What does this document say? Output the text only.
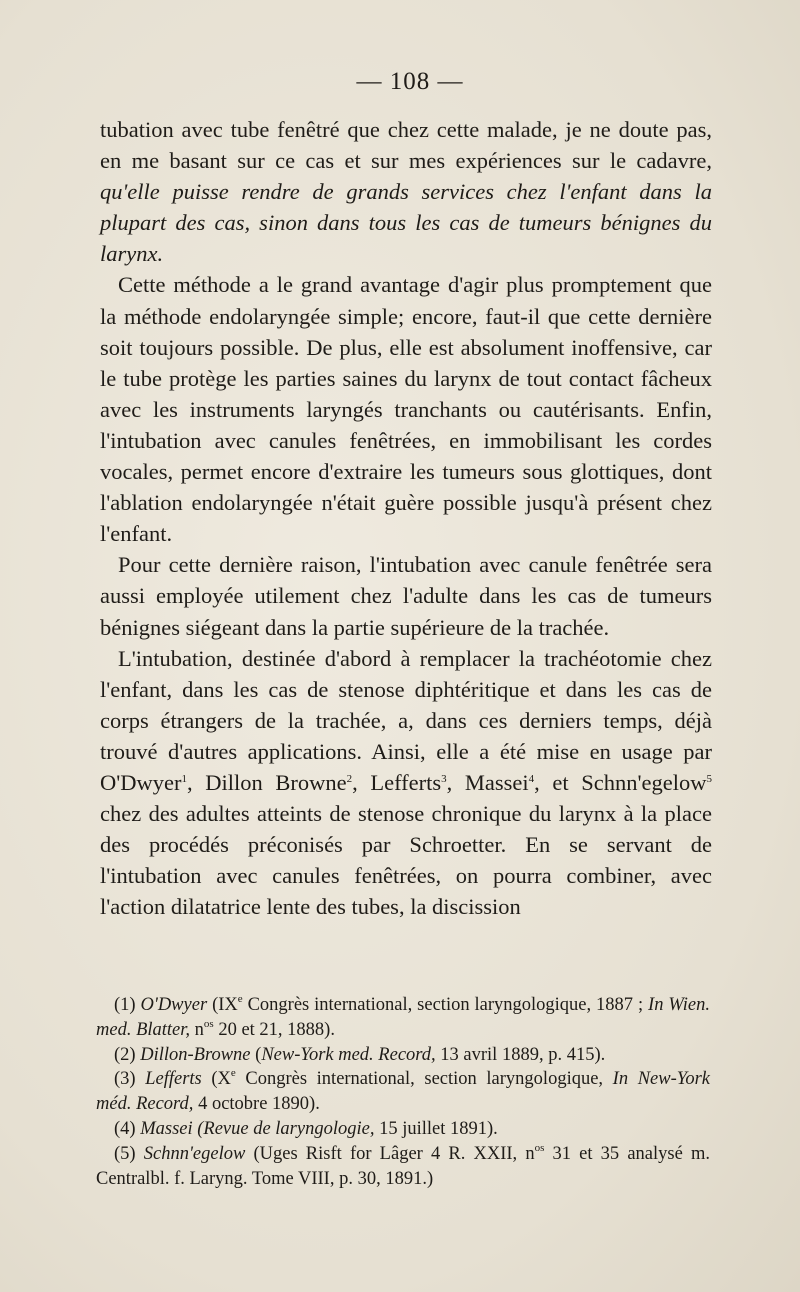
— 108 —

tubation avec tube fenêtré que chez cette malade, je ne doute pas, en me basant sur ce cas et sur mes expériences sur le cadavre, qu'elle puisse rendre de grands services chez l'enfant dans la plupart des cas, sinon dans tous les cas de tumeurs bénignes du larynx.

Cette méthode a le grand avantage d'agir plus promptement que la méthode endolaryngée simple; encore, faut-il que cette dernière soit toujours possible. De plus, elle est absolument inoffensive, car le tube protège les parties saines du larynx de tout contact fâcheux avec les instruments laryngés tranchants ou cautérisants. Enfin, l'intubation avec canules fenêtrées, en immobilisant les cordes vocales, permet encore d'extraire les tumeurs sous glottiques, dont l'ablation endolaryngée n'était guère possible jusqu'à présent chez l'enfant.

Pour cette dernière raison, l'intubation avec canule fenêtrée sera aussi employée utilement chez l'adulte dans les cas de tumeurs bénignes siégeant dans la partie supérieure de la trachée.

L'intubation, destinée d'abord à remplacer la trachéotomie chez l'enfant, dans les cas de stenose diphtéritique et dans les cas de corps étrangers de la trachée, a, dans ces derniers temps, déjà trouvé d'autres applications. Ainsi, elle a été mise en usage par O'Dwyer$^1$, Dillon Browne$^2$, Lefferts$^3$, Massei$^4$, et Schnn'egelow$^5$ chez des adultes atteints de stenose chronique du larynx à la place des procédés préconisés par Schroetter. En se servant de l'intubation avec canules fenêtrées, on pourra combiner, avec l'action dilatatrice lente des tubes, la discission

(1) O'Dwyer (IXe Congrès international, section laryngologique, 1887 ; In Wien. med. Blatter, $n^{os}$ 20 et 21, 1888).

(2) Dillon-Browne (New-York med. Record, 13 avril 1889, p. 415).

(3) Lefferts (Xe Congrès international, section laryngologique, In New-York méd. Record, 4 octobre 1890).

(4) Massei (Revue de laryngologie, 15 juillet 1891).

(5) Schnn'egelow (Uges Risft for Lâger 4 R. XXII, $n^{os}$ 31 et 35 analysé m. Centralbl. f. Laryng. Tome VIII, p. 30, 1891.)
